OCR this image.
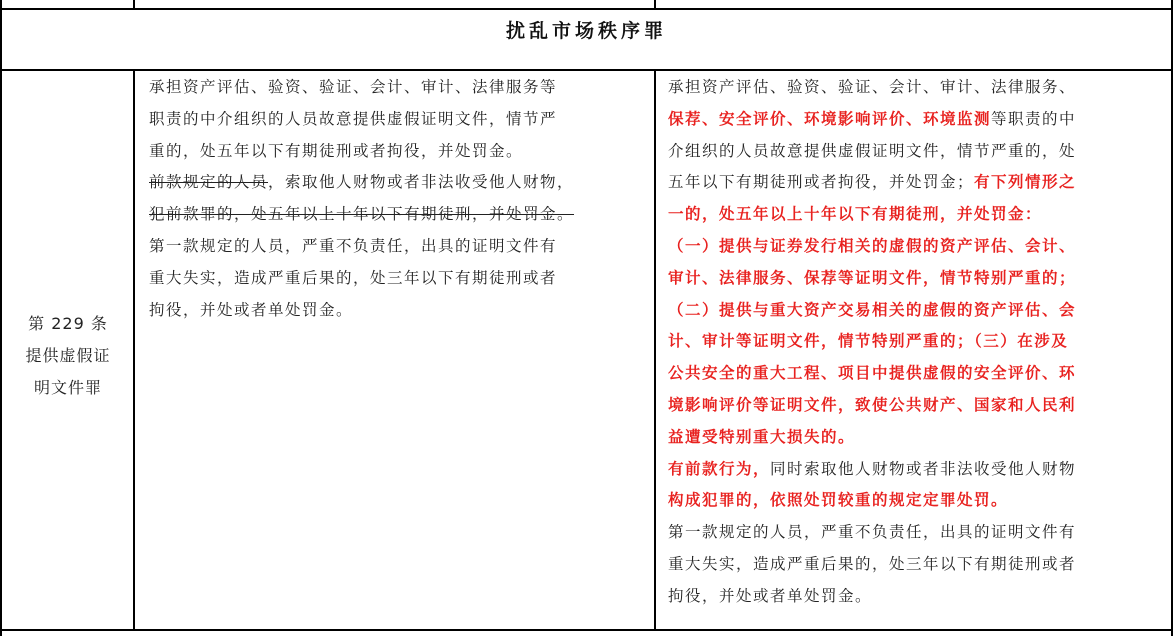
扰乱市场秩序罪
第 229 条
提供虚假证
明文件罪
承担资产评估、验资、验证、会计、审计、法律服务等
职责的中介组织的人员故意提供虚假证明文件，情节严
重的，处五年以下有期徒刑或者拘役，并处罚金。
前款规定的人员，索取他人财物或者非法收受他人财物，
犯前款罪的，处五年以上十年以下有期徒刑，并处罚金。
第一款规定的人员，严重不负责任，出具的证明文件有
重大失实，造成严重后果的，处三年以下有期徒刑或者
拘役，并处或者单处罚金。
承担资产评估、验资、验证、会计、审计、法律服务、
保荐、安全评价、环境影响评价、环境监测等职责的中
介组织的人员故意提供虚假证明文件，情节严重的，处
五年以下有期徒刑或者拘役，并处罚金；有下列情形之
一的，处五年以上十年以下有期徒刑，并处罚金：
（一）提供与证券发行相关的虚假的资产评估、会计、
审计、法律服务、保荐等证明文件，情节特别严重的；
（二）提供与重大资产交易相关的虚假的资产评估、会
计、审计等证明文件，情节特别严重的；（三）在涉及
公共安全的重大工程、项目中提供虚假的安全评价、环
境影响评价等证明文件，致使公共财产、国家和人民利
益遭受特别重大损失的。
有前款行为，同时索取他人财物或者非法收受他人财物
构成犯罪的，依照处罚较重的规定定罪处罚。
第一款规定的人员，严重不负责任，出具的证明文件有
重大失实，造成严重后果的，处三年以下有期徒刑或者
拘役，并处或者单处罚金。
